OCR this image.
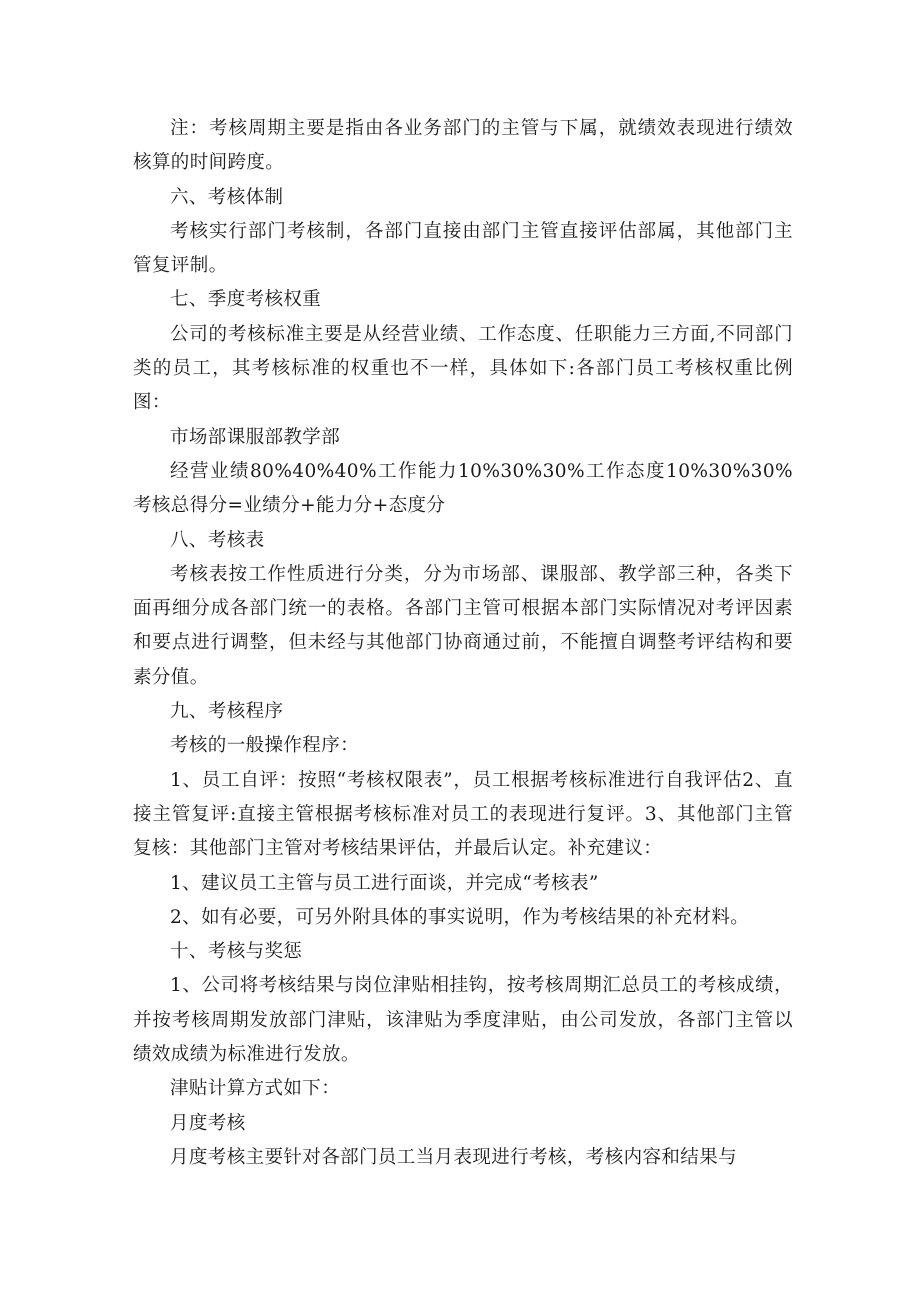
注：考核周期主要是指由各业务部门的主管与下属，就绩效表现进行绩效核算的时间跨度。

六、考核体制

考核实行部门考核制，各部门直接由部门主管直接评估部属，其他部门主管复评制。

七、季度考核权重

公司的考核标准主要是从经营业绩、工作态度、任职能力三方面,不同部门类的员工，其考核标准的权重也不一样，具体如下:各部门员工考核权重比例图：

市场部课服部教学部

经营业绩80%40%40%工作能力10%30%30%工作态度10%30%30%考核总得分=业绩分+能力分+态度分

八、考核表

考核表按工作性质进行分类，分为市场部、课服部、教学部三种，各类下面再细分成各部门统一的表格。各部门主管可根据本部门实际情况对考评因素和要点进行调整，但未经与其他部门协商通过前，不能擅自调整考评结构和要素分值。

九、考核程序

考核的一般操作程序：

1、员工自评：按照“考核权限表”，员工根据考核标准进行自我评估2、直接主管复评:直接主管根据考核标准对员工的表现进行复评。3、其他部门主管复核：其他部门主管对考核结果评估，并最后认定。补充建议：

1、建议员工主管与员工进行面谈，并完成“考核表”

2、如有必要，可另外附具体的事实说明，作为考核结果的补充材料。

十、考核与奖惩

1、公司将考核结果与岗位津贴相挂钩，按考核周期汇总员工的考核成绩，并按考核周期发放部门津贴，该津贴为季度津贴，由公司发放，各部门主管以绩效成绩为标准进行发放。

津贴计算方式如下：

月度考核

月度考核主要针对各部门员工当月表现进行考核，考核内容和结果与
